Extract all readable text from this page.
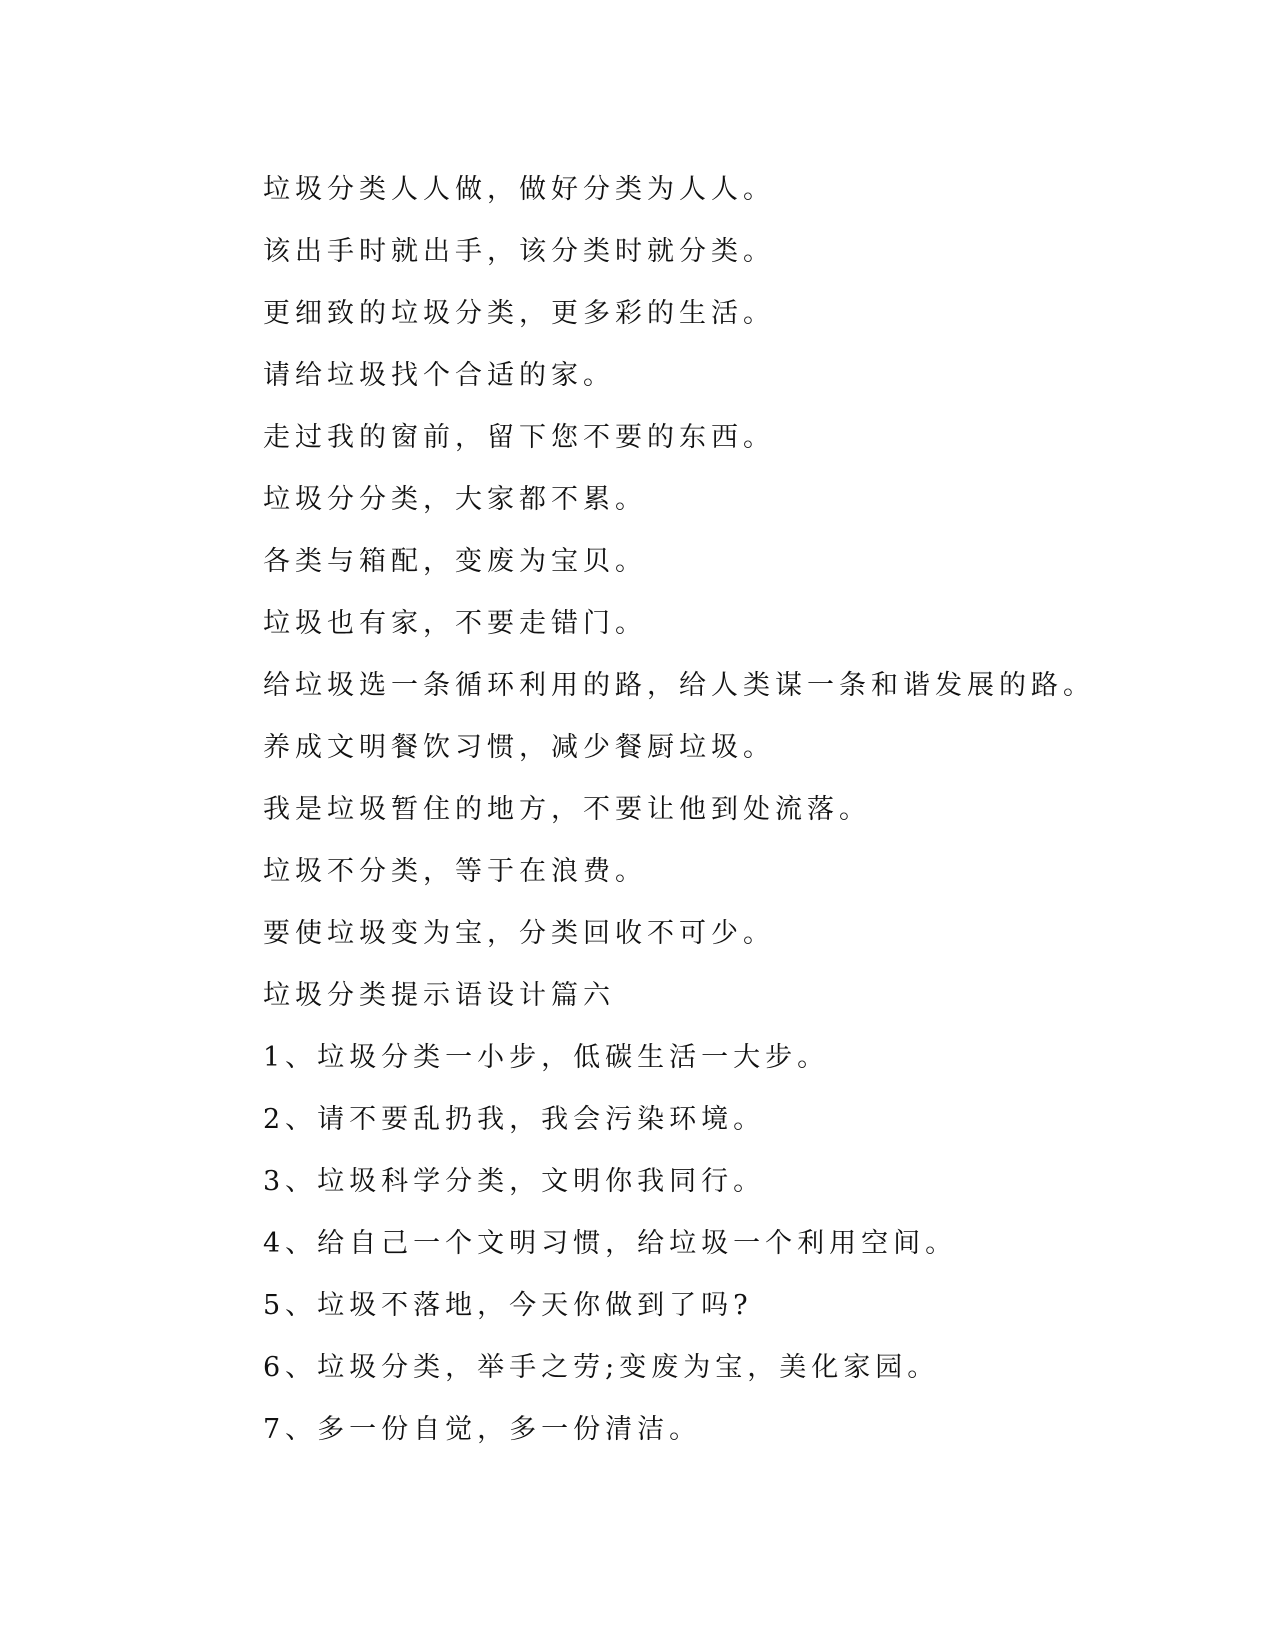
垃圾分类人人做，做好分类为人人。
该出手时就出手，该分类时就分类。
更细致的垃圾分类，更多彩的生活。
请给垃圾找个合适的家。
走过我的窗前，留下您不要的东西。
垃圾分分类，大家都不累。
各类与箱配，变废为宝贝。
垃圾也有家，不要走错门。
给垃圾选一条循环利用的路，给人类谋一条和谐发展的路。
养成文明餐饮习惯，减少餐厨垃圾。
我是垃圾暂住的地方，不要让他到处流落。
垃圾不分类，等于在浪费。
要使垃圾变为宝，分类回收不可少。
垃圾分类提示语设计篇六
1、垃圾分类一小步，低碳生活一大步。
2、请不要乱扔我，我会污染环境。
3、垃圾科学分类，文明你我同行。
4、给自己一个文明习惯，给垃圾一个利用空间。
5、垃圾不落地，今天你做到了吗?
6、垃圾分类，举手之劳;变废为宝，美化家园。
7、多一份自觉，多一份清洁。
